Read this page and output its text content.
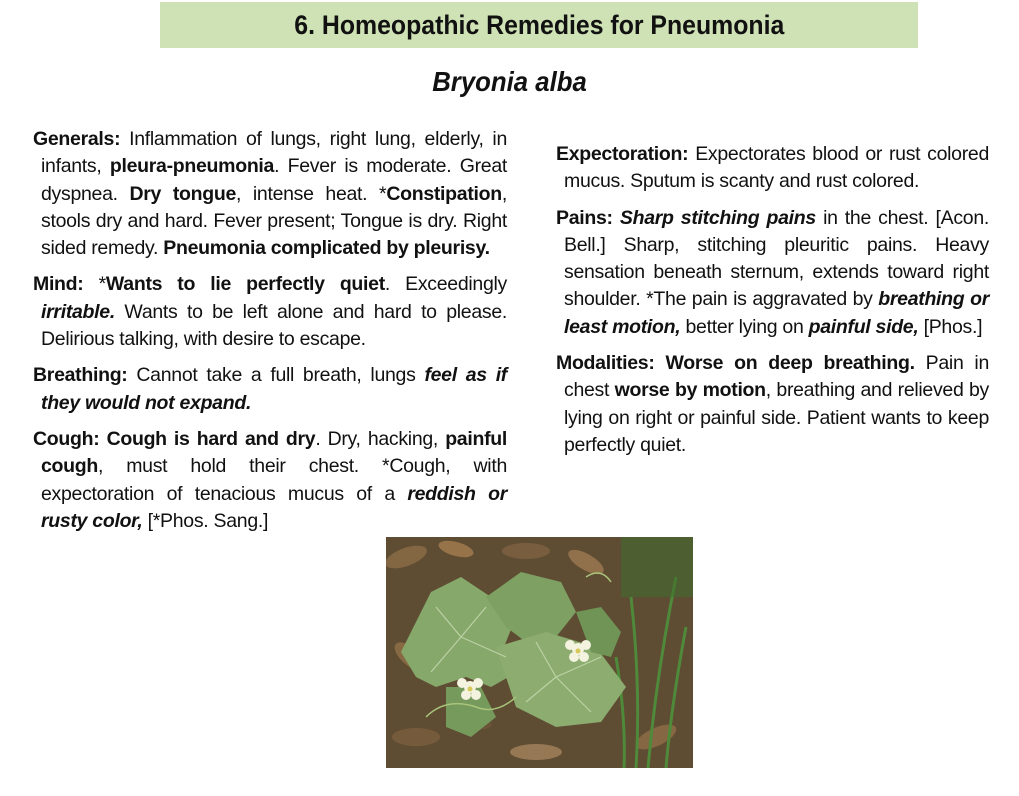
6. Homeopathic Remedies for Pneumonia
Bryonia alba

Generals: Inflammation of lungs, right lung, elderly, in infants, pleura-pneumonia. Fever is moderate. Great dyspnea. Dry tongue, intense heat. *Constipation, stools dry and hard. Fever present; Tongue is dry. Right sided remedy. Pneumonia complicated by pleurisy.

Mind: *Wants to lie perfectly quiet. Exceedingly irritable. Wants to be left alone and hard to please. Delirious talking, with desire to escape.

Breathing: Cannot take a full breath, lungs feel as if they would not expand.

Cough: Cough is hard and dry. Dry, hacking, painful cough, must hold their chest. *Cough, with expectoration of tenacious mucus of a reddish or rusty color, [*Phos. Sang.]

Expectoration: Expectorates blood or rust colored mucus. Sputum is scanty and rust colored.

Pains: Sharp stitching pains in the chest. [Acon. Bell.] Sharp, stitching pleuritic pains. Heavy sensation beneath sternum, extends toward right shoulder. *The pain is aggravated by breathing or least motion, better lying on painful side, [Phos.]

Modalities: Worse on deep breathing. Pain in chest worse by motion, breathing and relieved by lying on right or painful side. Patient wants to keep perfectly quiet.
